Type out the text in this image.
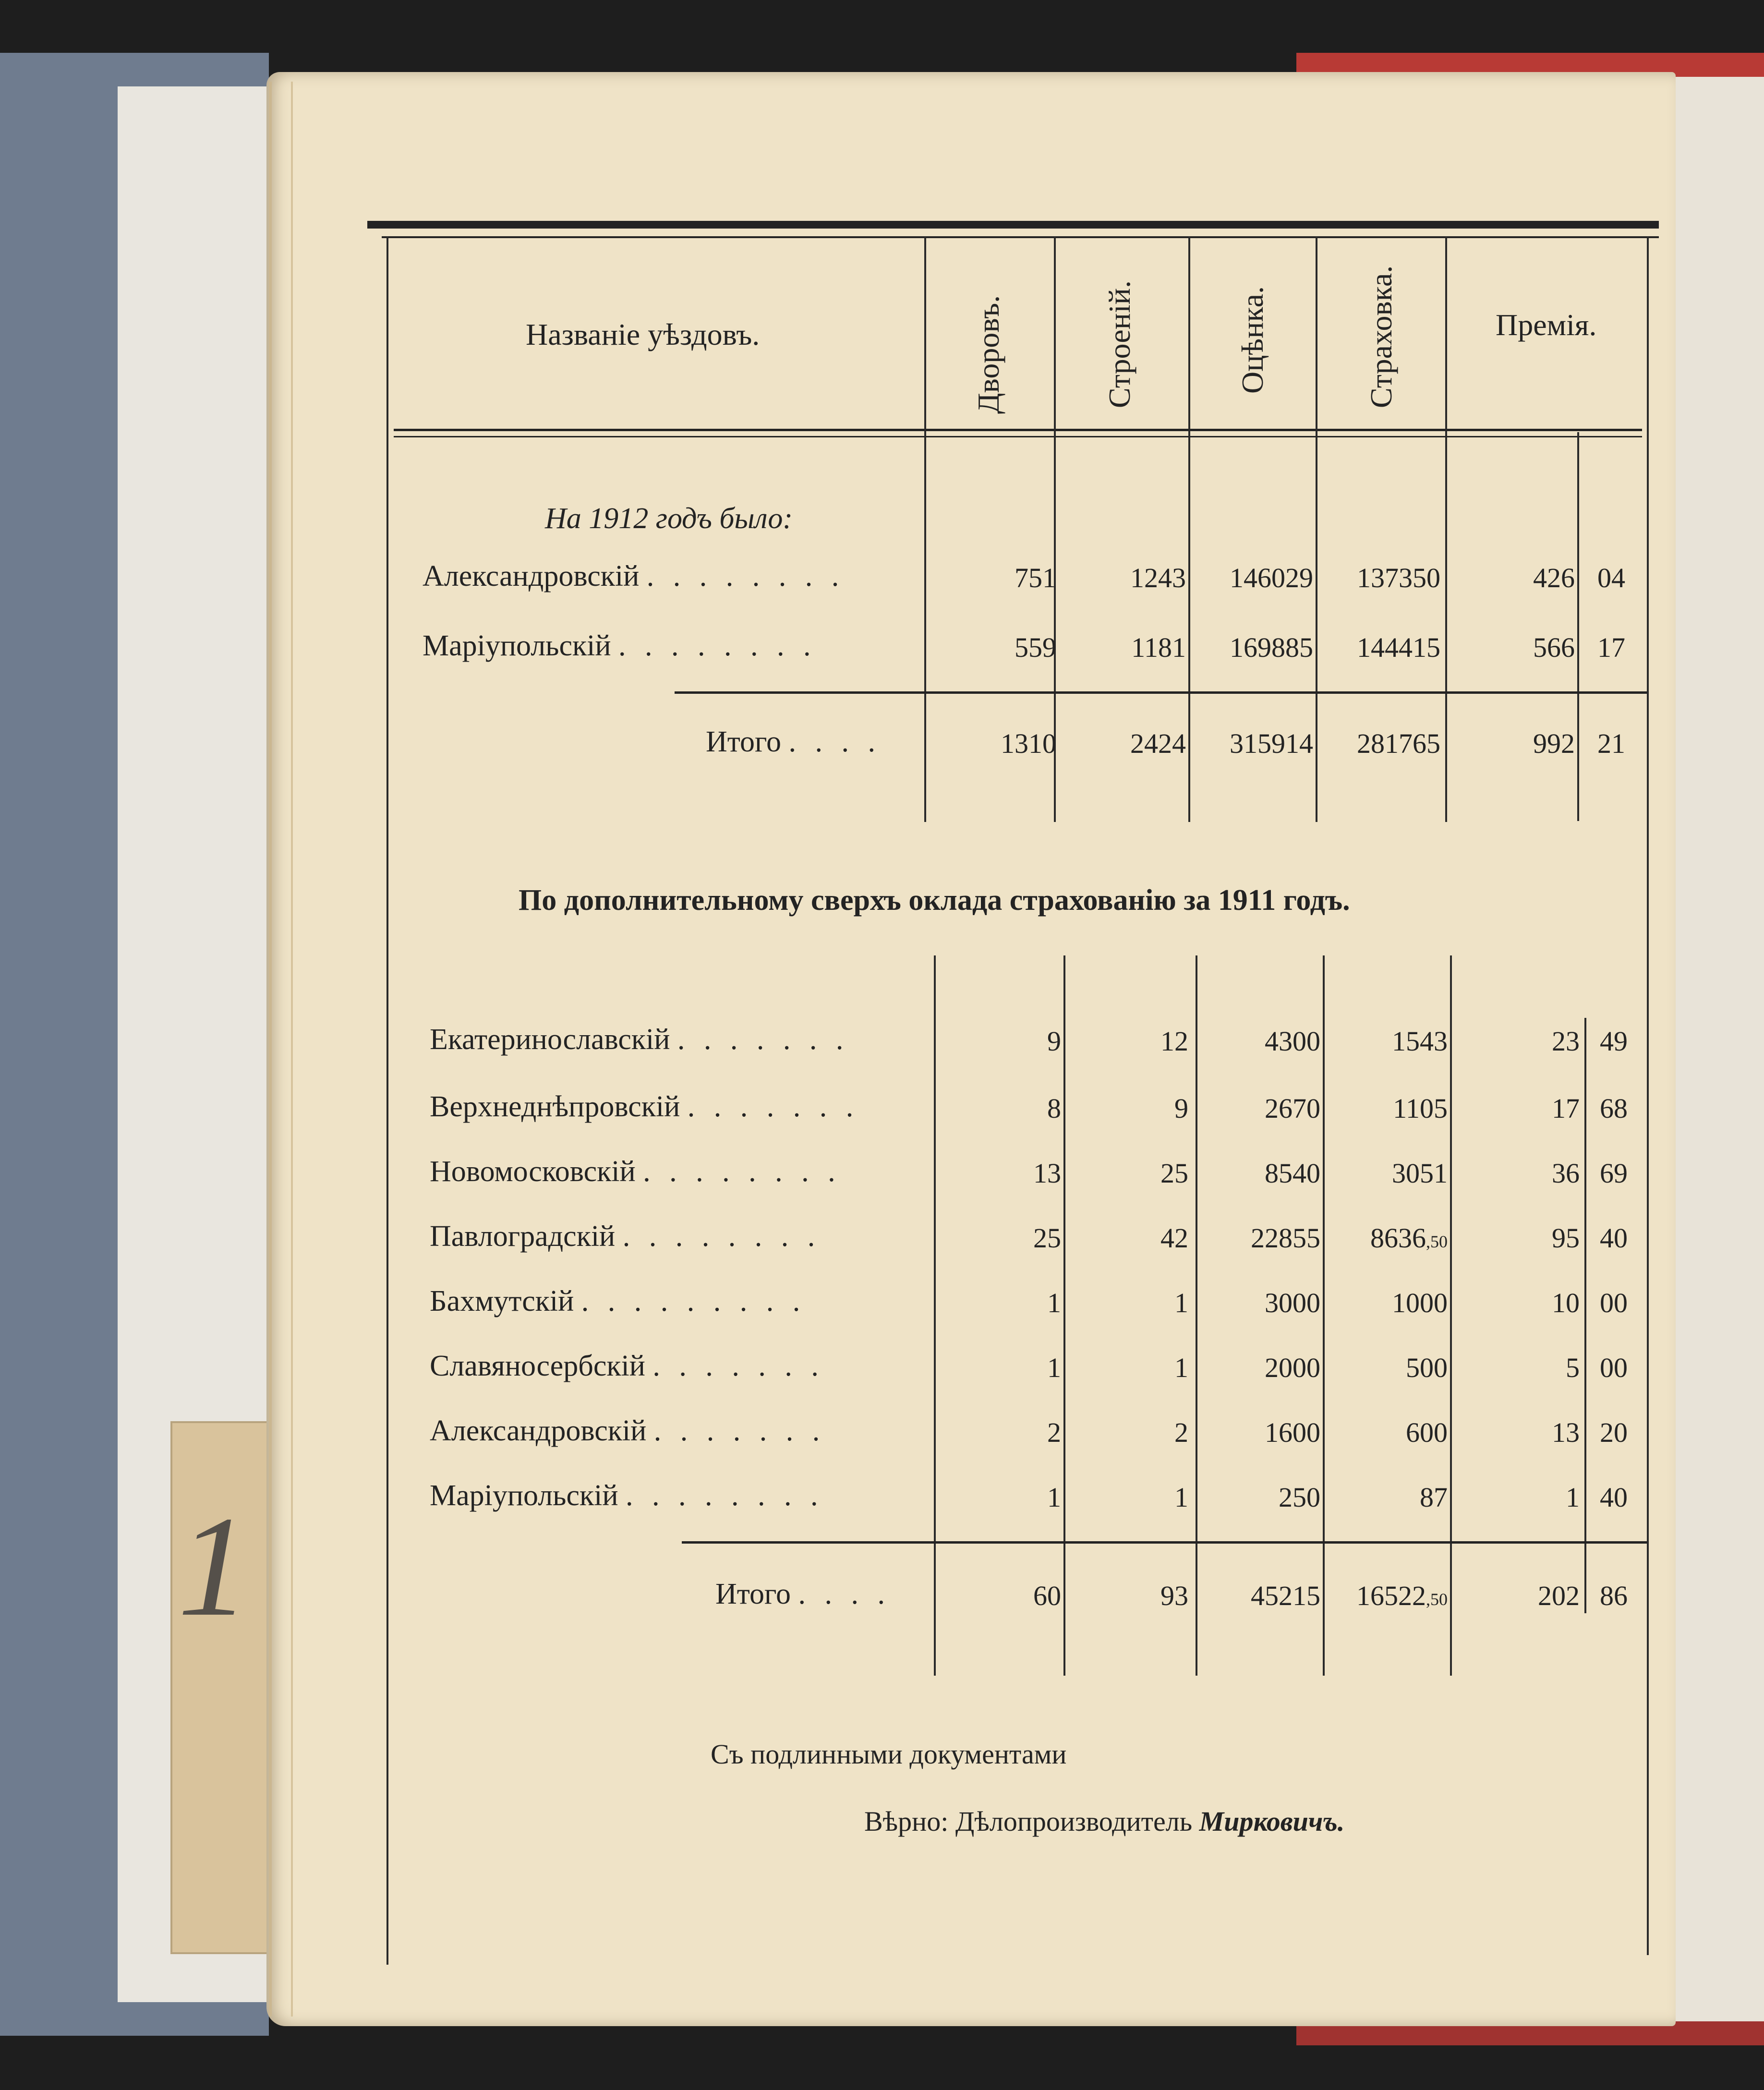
1
Названіе уѣздовъ.	Дворовъ.	Строеній.	Оцѣнка.	Страховка.	Премія.
На 1912 годъ было:
Александровскій . . . . . . . .	751	1243	146029	137350	426 04
Маріупольскій . . . . . . . .	559	1181	169885	144415	566 17
Итого . . . .	1310	2424	315914	281765	992 21
По дополнительному сверхъ оклада страхованію за 1911 годъ.
Екатеринославскій . . . . . . .	9	12	4300	1543	23 49
Верхнеднѣпровскій . . . . . . .	8	9	2670	1105	17 68
Новомосковскій . . . . . . . .	13	25	8540	3051	36 69
Павлоградскій . . . . . . . .	25	42	22855	8636,50	95 40
Бахмутскій . . . . . . . . .	1	1	3000	1000	10 00
Славяносербскій . . . . . . .	1	1	2000	500	5 00
Александровскій . . . . . . .	2	2	1600	600	13 20
Маріупольскій . . . . . . . .	1	1	250	87	1 40
Итого . . . .	60	93	45215	16522,50	202 86
Съ подлинными документами
Вѣрно: Дѣлопроизводитель Мирковичъ.
